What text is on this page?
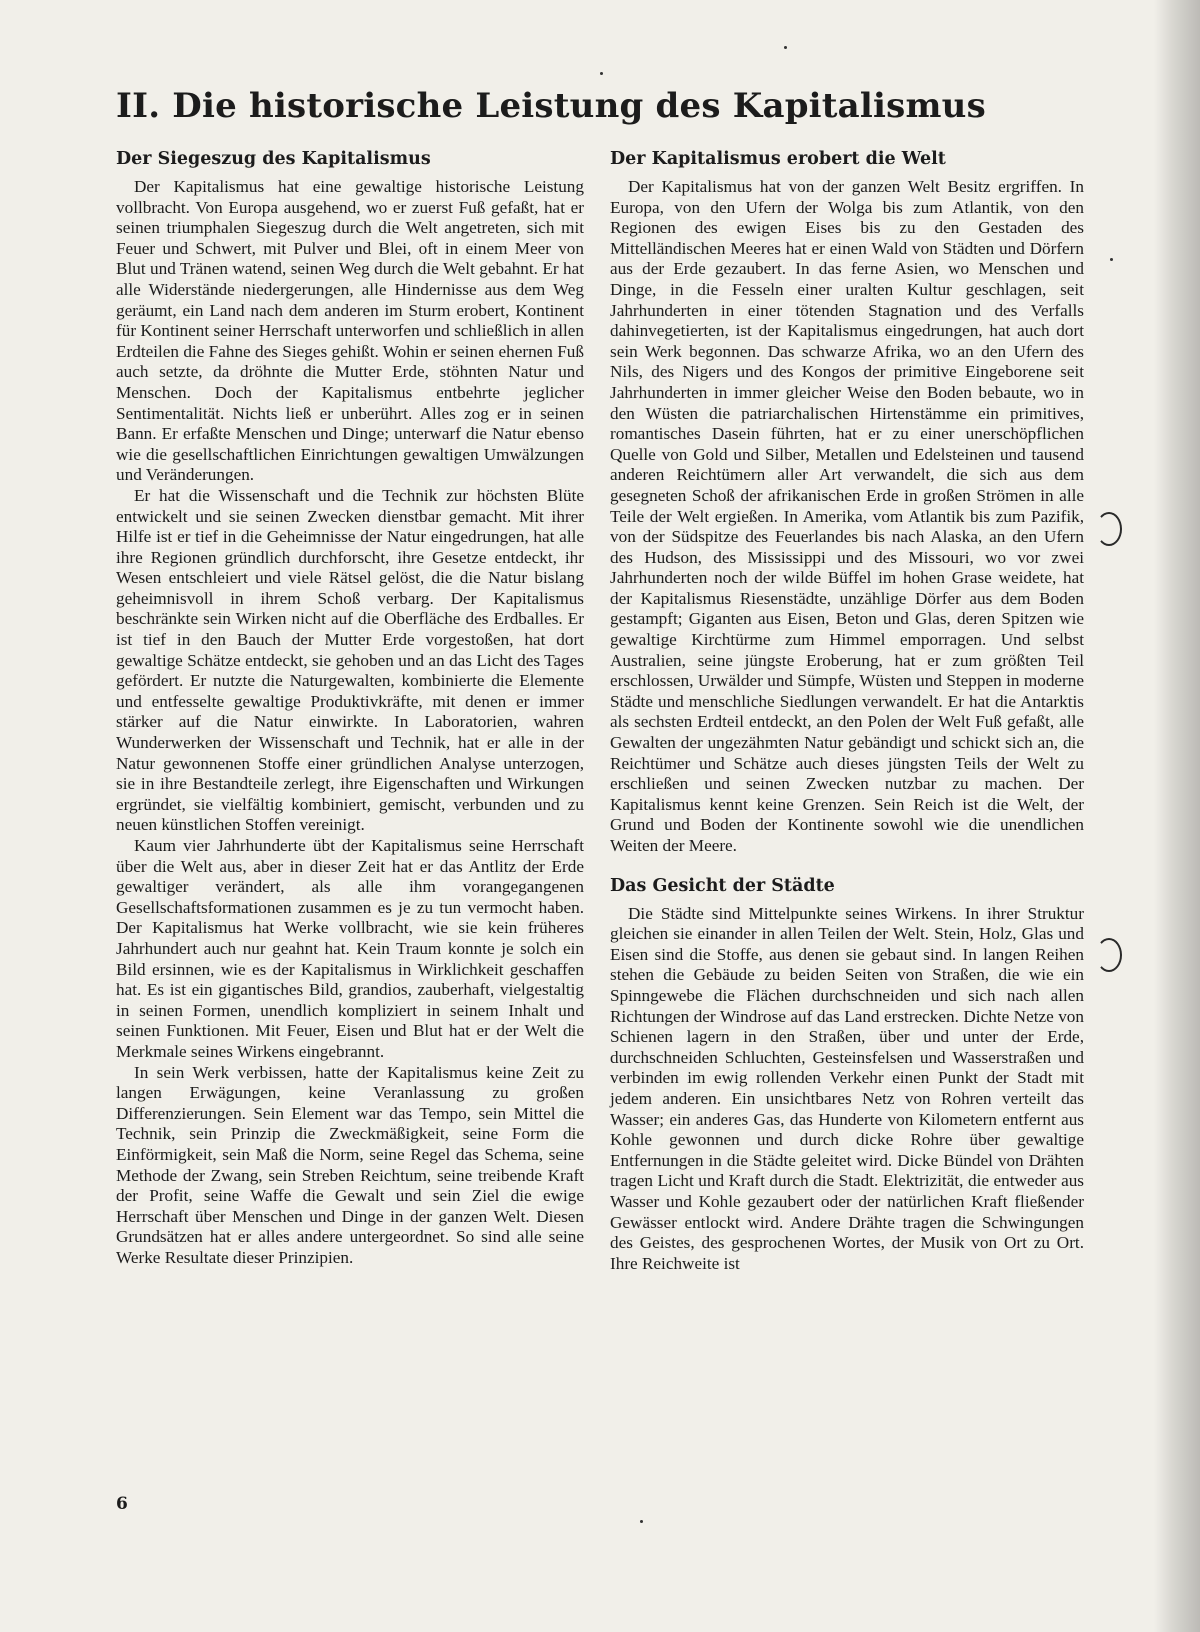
II. Die historische Leistung des Kapitalismus
Der Siegeszug des Kapitalismus

Der Kapitalismus hat eine gewaltige historische Leistung vollbracht. Von Europa ausgehend, wo er zuerst Fuß gefaßt, hat er seinen triumphalen Siegeszug durch die Welt angetreten, sich mit Feuer und Schwert, mit Pulver und Blei, oft in einem Meer von Blut und Tränen watend, seinen Weg durch die Welt gebahnt. Er hat alle Widerstände niedergerungen, alle Hindernisse aus dem Weg geräumt, ein Land nach dem anderen im Sturm erobert, Kontinent für Kontinent seiner Herrschaft unterworfen und schließlich in allen Erdteilen die Fahne des Sieges gehißt. Wohin er seinen ehernen Fuß auch setzte, da dröhnte die Mutter Erde, stöhnten Natur und Menschen. Doch der Kapitalismus entbehrte jeglicher Sentimentalität. Nichts ließ er unberührt. Alles zog er in seinen Bann. Er erfaßte Menschen und Dinge; unterwarf die Natur ebenso wie die gesellschaftlichen Einrichtungen gewaltigen Umwälzungen und Veränderungen.

Er hat die Wissenschaft und die Technik zur höchsten Blüte entwickelt und sie seinen Zwecken dienstbar gemacht. Mit ihrer Hilfe ist er tief in die Geheimnisse der Natur eingedrungen, hat alle ihre Regionen gründlich durchforscht, ihre Gesetze entdeckt, ihr Wesen entschleiert und viele Rätsel gelöst, die die Natur bislang geheimnisvoll in ihrem Schoß verbarg. Der Kapitalismus beschränkte sein Wirken nicht auf die Oberfläche des Erdballes. Er ist tief in den Bauch der Mutter Erde vorgestoßen, hat dort gewaltige Schätze entdeckt, sie gehoben und an das Licht des Tages gefördert. Er nutzte die Naturgewalten, kombinierte die Elemente und entfesselte gewaltige Produktivkräfte, mit denen er immer stärker auf die Natur einwirkte. In Laboratorien, wahren Wunderwerken der Wissenschaft und Technik, hat er alle in der Natur gewonnenen Stoffe einer gründlichen Analyse unterzogen, sie in ihre Bestandteile zerlegt, ihre Eigenschaften und Wirkungen ergründet, sie vielfältig kombiniert, gemischt, verbunden und zu neuen künstlichen Stoffen vereinigt.

Kaum vier Jahrhunderte übt der Kapitalismus seine Herrschaft über die Welt aus, aber in dieser Zeit hat er das Antlitz der Erde gewaltiger verändert, als alle ihm vorangegangenen Gesellschaftsformationen zusammen es je zu tun vermocht haben. Der Kapitalismus hat Werke vollbracht, wie sie kein früheres Jahrhundert auch nur geahnt hat. Kein Traum konnte je solch ein Bild ersinnen, wie es der Kapitalismus in Wirklichkeit geschaffen hat. Es ist ein gigantisches Bild, grandios, zauberhaft, vielgestaltig in seinen Formen, unendlich kompliziert in seinem Inhalt und seinen Funktionen. Mit Feuer, Eisen und Blut hat er der Welt die Merkmale seines Wirkens eingebrannt.

In sein Werk verbissen, hatte der Kapitalismus keine Zeit zu langen Erwägungen, keine Veranlassung zu großen Differenzierungen. Sein Element war das Tempo, sein Mittel die Technik, sein Prinzip die Zweckmäßigkeit, seine Form die Einförmigkeit, sein Maß die Norm, seine Regel das Schema, seine Methode der Zwang, sein Streben Reichtum, seine treibende Kraft der Profit, seine Waffe die Gewalt und sein Ziel die ewige Herrschaft über Menschen und Dinge in der ganzen Welt. Diesen Grundsätzen hat er alles andere untergeordnet. So sind alle seine Werke Resultate dieser Prinzipien.

Der Kapitalismus erobert die Welt

Der Kapitalismus hat von der ganzen Welt Besitz ergriffen. In Europa, von den Ufern der Wolga bis zum Atlantik, von den Regionen des ewigen Eises bis zu den Gestaden des Mittelländischen Meeres hat er einen Wald von Städten und Dörfern aus der Erde gezaubert. In das ferne Asien, wo Menschen und Dinge, in die Fesseln einer uralten Kultur geschlagen, seit Jahrhunderten in einer tötenden Stagnation und des Verfalls dahinvegetierten, ist der Kapitalismus eingedrungen, hat auch dort sein Werk begonnen. Das schwarze Afrika, wo an den Ufern des Nils, des Nigers und des Kongos der primitive Eingeborene seit Jahrhunderten in immer gleicher Weise den Boden bebaute, wo in den Wüsten die patriarchalischen Hirtenstämme ein primitives, romantisches Dasein führten, hat er zu einer unerschöpflichen Quelle von Gold und Silber, Metallen und Edelsteinen und tausend anderen Reichtümern aller Art verwandelt, die sich aus dem gesegneten Schoß der afrikanischen Erde in großen Strömen in alle Teile der Welt ergießen. In Amerika, vom Atlantik bis zum Pazifik, von der Südspitze des Feuerlandes bis nach Alaska, an den Ufern des Hudson, des Mississippi und des Missouri, wo vor zwei Jahrhunderten noch der wilde Büffel im hohen Grase weidete, hat der Kapitalismus Riesenstädte, unzählige Dörfer aus dem Boden gestampft; Giganten aus Eisen, Beton und Glas, deren Spitzen wie gewaltige Kirchtürme zum Himmel emporragen. Und selbst Australien, seine jüngste Eroberung, hat er zum größten Teil erschlossen, Urwälder und Sümpfe, Wüsten und Steppen in moderne Städte und menschliche Siedlungen verwandelt. Er hat die Antarktis als sechsten Erdteil entdeckt, an den Polen der Welt Fuß gefaßt, alle Gewalten der ungezähmten Natur gebändigt und schickt sich an, die Reichtümer und Schätze auch dieses jüngsten Teils der Welt zu erschließen und seinen Zwecken nutzbar zu machen. Der Kapitalismus kennt keine Grenzen. Sein Reich ist die Welt, der Grund und Boden der Kontinente sowohl wie die unendlichen Weiten der Meere.

Das Gesicht der Städte

Die Städte sind Mittelpunkte seines Wirkens. In ihrer Struktur gleichen sie einander in allen Teilen der Welt. Stein, Holz, Glas und Eisen sind die Stoffe, aus denen sie gebaut sind. In langen Reihen stehen die Gebäude zu beiden Seiten von Straßen, die wie ein Spinngewebe die Flächen durchschneiden und sich nach allen Richtungen der Windrose auf das Land erstrecken. Dichte Netze von Schienen lagern in den Straßen, über und unter der Erde, durchschneiden Schluchten, Gesteinsfelsen und Wasserstraßen und verbinden im ewig rollenden Verkehr einen Punkt der Stadt mit jedem anderen. Ein unsichtbares Netz von Rohren verteilt das Wasser; ein anderes Gas, das Hunderte von Kilometern entfernt aus Kohle gewonnen und durch dicke Rohre über gewaltige Entfernungen in die Städte geleitet wird. Dicke Bündel von Drähten tragen Licht und Kraft durch die Stadt. Elektrizität, die entweder aus Wasser und Kohle gezaubert oder der natürlichen Kraft fließender Gewässer entlockt wird. Andere Drähte tragen die Schwingungen des Geistes, des gesprochenen Wortes, der Musik von Ort zu Ort. Ihre Reichweite ist

6
